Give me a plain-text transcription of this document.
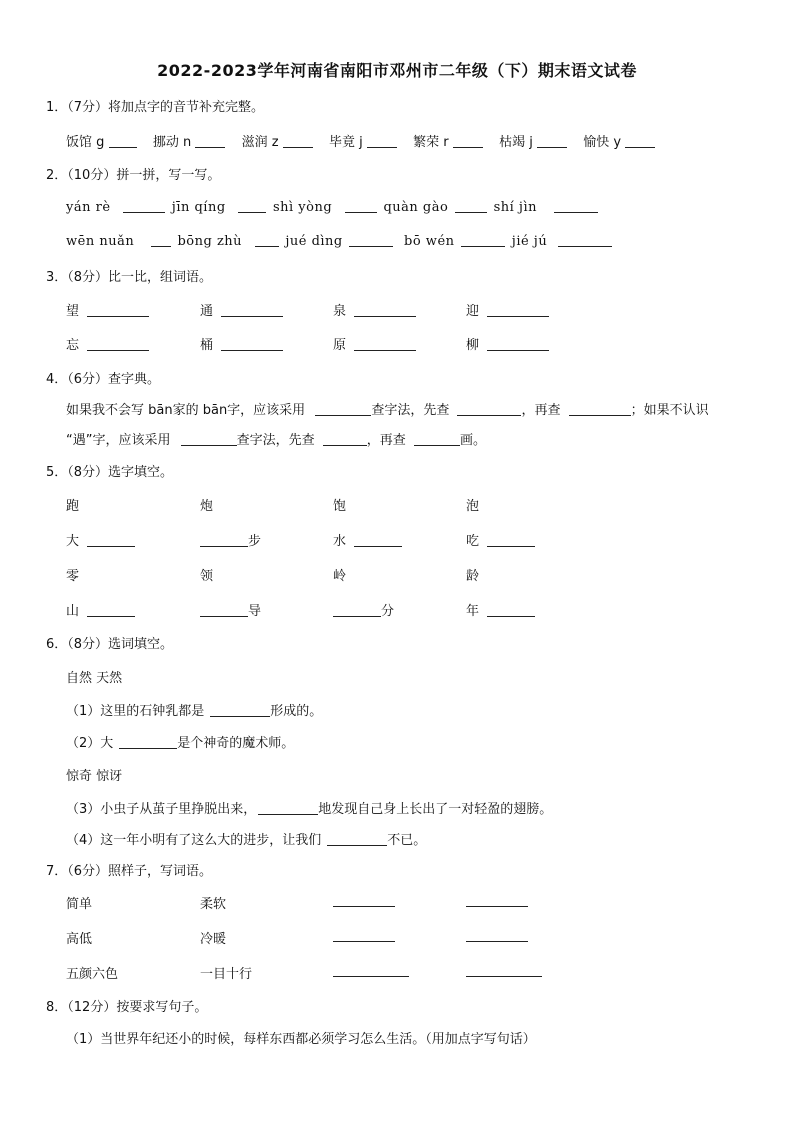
2022-2023学年河南省南阳市邓州市二年级（下）期末语文试卷
1．（7分）将加点字的音节补充完整。
饭馆 g	挪动 n	滋润 z	毕竟 j	繁荣 r	枯竭 j	愉快 y
2．（10分）拼一拼，写一写。
yán rè	jīn qíng	shì yòng	quàn gào	shí jìn
wēn nuǎn	bōng zhù	jué dìng	bō wén	jié jú
3．（8分）比一比，组词语。
望	通	泉	迎
忘	桶	原	柳
4．（6分）查字典。
如果我不会写 bān家的 bān字，应该采用	查字法，先查	，再查	；如果不认识
“遇”字，应该采用	查字法，先查	，再查	画。
5．（8分）选字填空。
跑	炮	饱	泡
大	步	水	吃
零	领	岭	龄
山	导	分	年
6．（8分）选词填空。
自然 天然
（1）这里的石钟乳都是	形成的。
（2）大	是个神奇的魔术师。
惊奇 惊讶
（3）小虫子从茧子里挣脱出来，	地发现自己身上长出了一对轻盈的翅膀。
（4）这一年小明有了这么大的进步，让我们	不已。
7．（6分）照样子，写词语。
简单	柔软
高低	冷暖
五颜六色	一目十行
8．（12分）按要求写句子。
（1）当世界年纪还小的时候，每样东西都必须学习怎么生活。（用加点字写句话）
